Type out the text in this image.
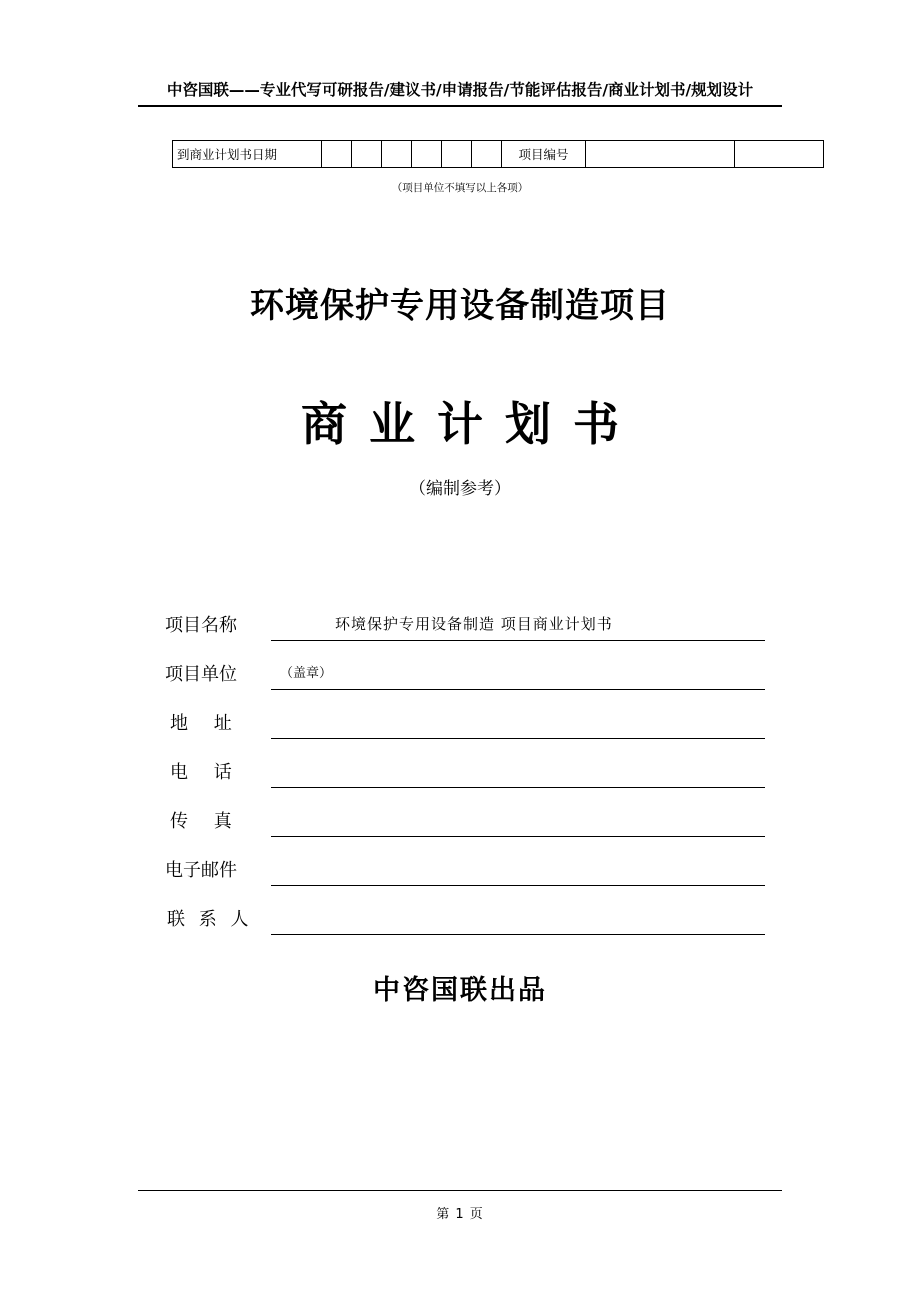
中咨国联——专业代写可研报告/建议书/申请报告/节能评估报告/商业计划书/规划设计
到商业计划书日期							项目编号		
（项目单位不填写以上各项）
环境保护专用设备制造项目
商业计划书
（编制参考）
项目名称	环境保护专用设备制造 项目商业计划书
项目单位	（盖章）
地 址
电 话
传 真
电子邮件
联 系 人
中咨国联出品
第 1 页
